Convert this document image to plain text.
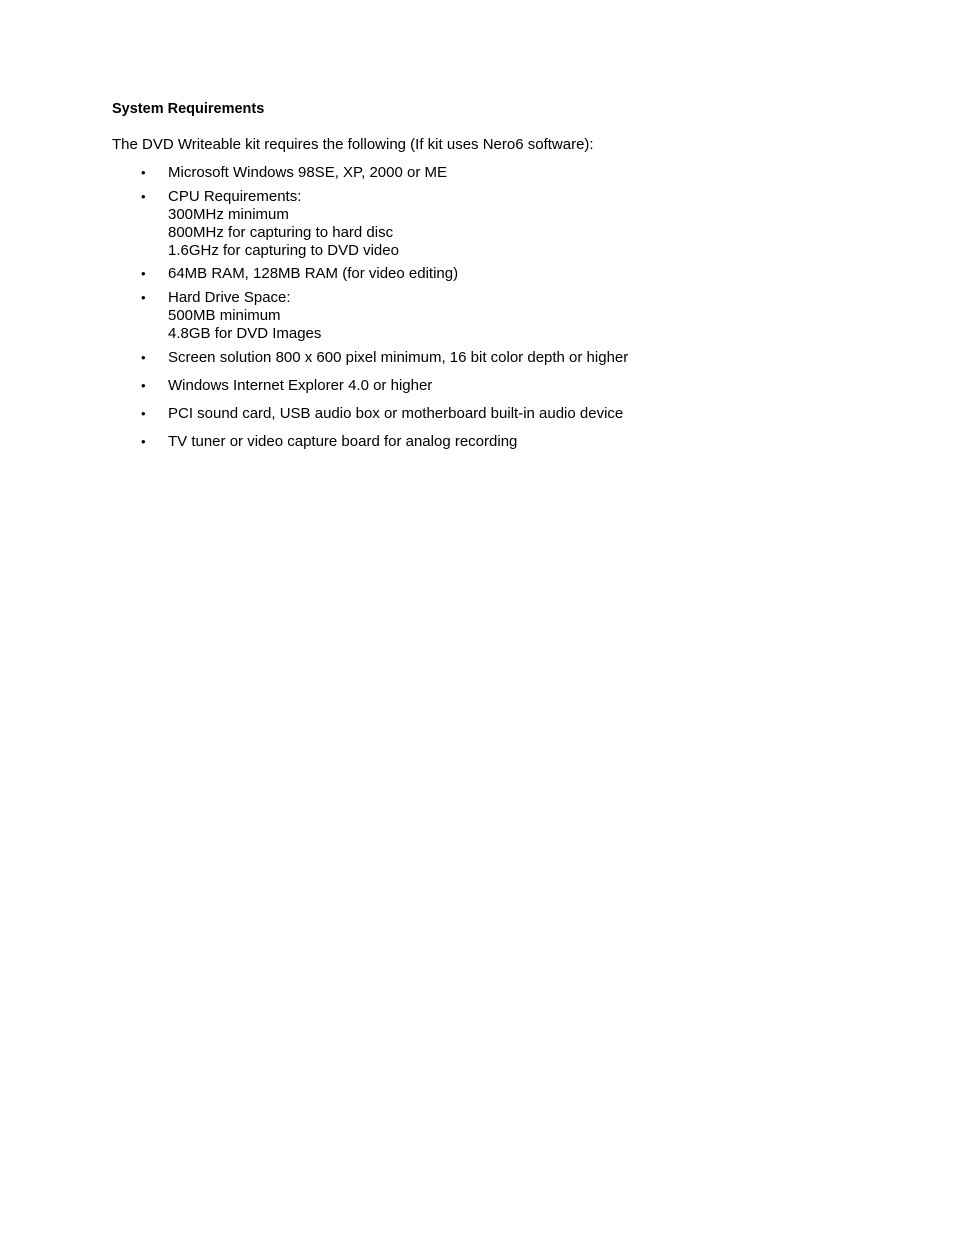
System Requirements

The DVD Writeable kit requires the following (If kit uses Nero6 software):

• Microsoft Windows 98SE, XP, 2000 or ME
• CPU Requirements:
300MHz minimum
800MHz for capturing to hard disc
1.6GHz for capturing to DVD video
• 64MB RAM, 128MB RAM (for video editing)
• Hard Drive Space:
500MB minimum
4.8GB for DVD Images
• Screen solution 800 x 600 pixel minimum, 16 bit color depth or higher
• Windows Internet Explorer 4.0 or higher
• PCI sound card, USB audio box or motherboard built-in audio device
• TV tuner or video capture board for analog recording
